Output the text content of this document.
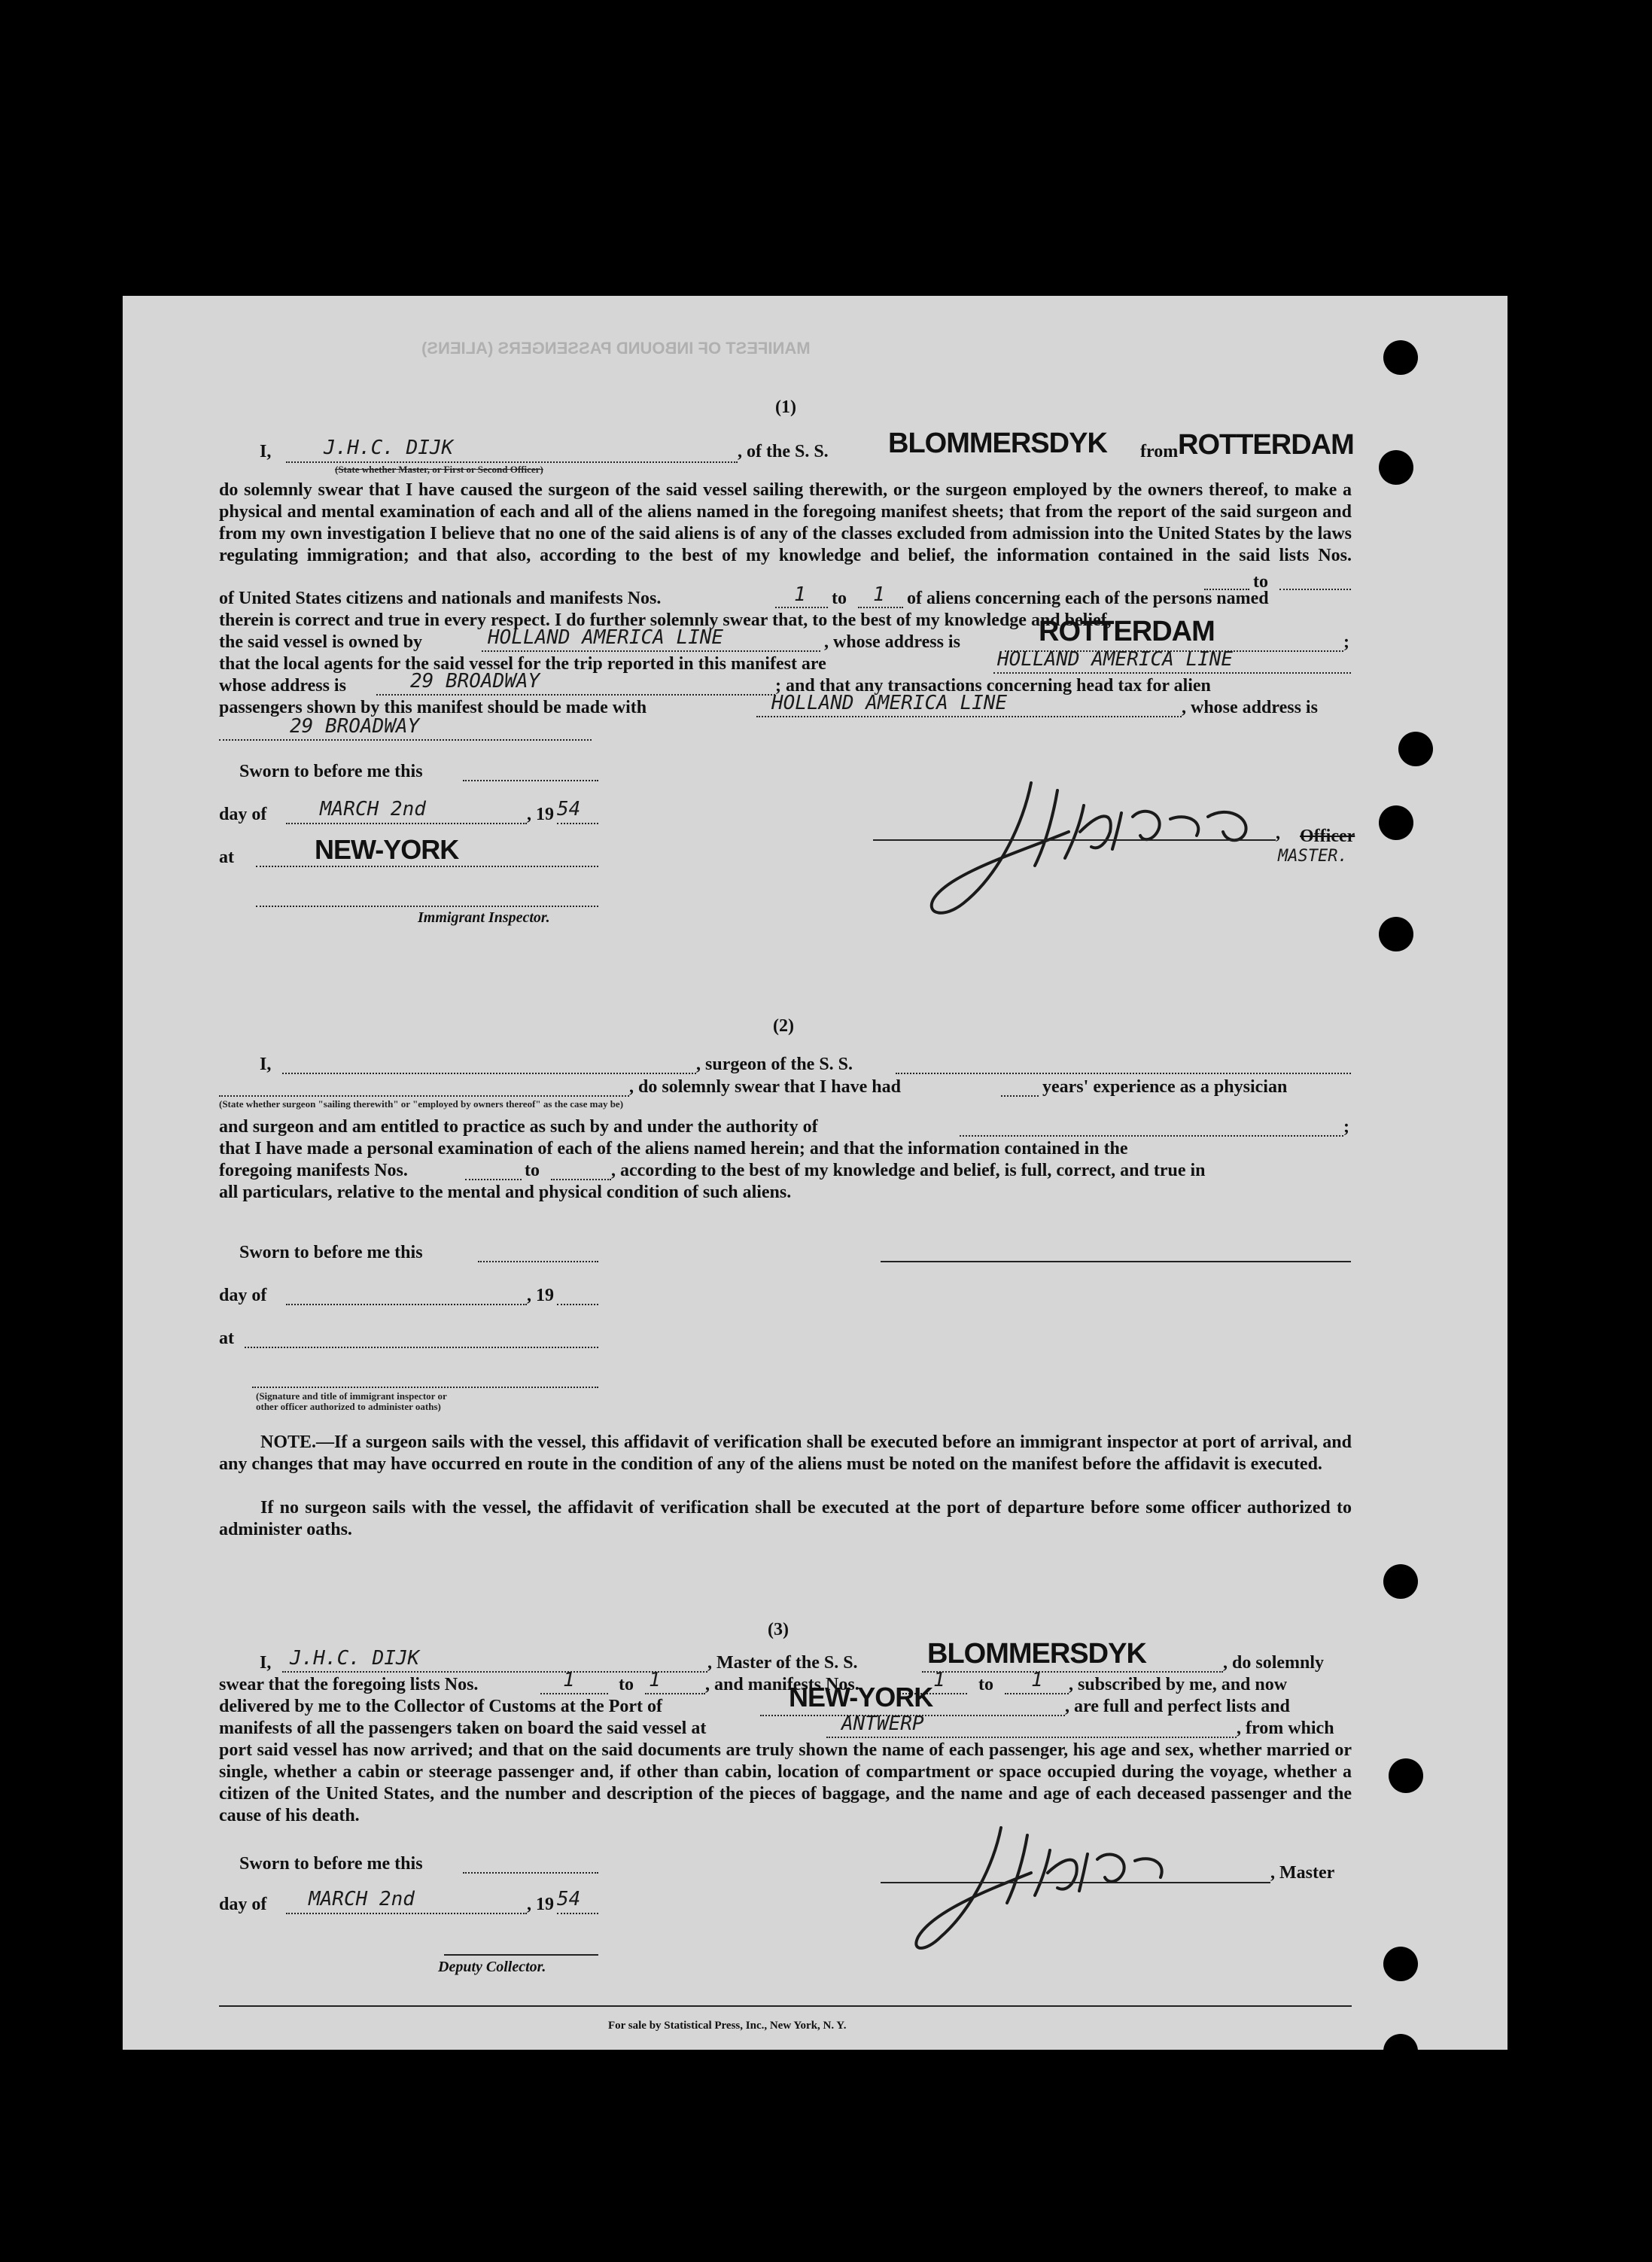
MANIFEST OF INBOUND PASSENGERS (ALIENS)
(1)
I,	J.H.C. DIJK
(State whether Master, or First or Second Officer)
, of the S. S. BLOMMERSDYK from ROTTERDAM
do solemnly swear that I have caused the surgeon of the said vessel sailing therewith, or the surgeon employed by the owners thereof, to make a physical and mental examination of each and all of the aliens named in the foregoing manifest sheets; that from the report of the said surgeon and from my own investigation I believe that no one of the said aliens is of any of the classes excluded from admission into the United States by the laws regulating immigration; and that also, according to the best of my knowledge and belief, the information contained in the said lists Nos.
to
of United States citizens and nationals and manifests Nos.	1 to 1 of aliens concerning each of the persons named
therein is correct and true in every respect. I do further solemnly swear that, to the best of my knowledge and belief,
the said vessel is owned by	HOLLAND AMERICA LINE	, whose address is	ROTTERDAM	;
that the local agents for the said vessel for the trip reported in this manifest are	HOLLAND AMERICA LINE
whose address is	29 BROADWAY	; and that any transactions concerning head tax for alien
passengers shown by this manifest should be made with	HOLLAND AMERICA LINE	, whose address is
29 BROADWAY
Sworn to before me this
day of	MARCH 2nd	, 19 54
at	NEW-YORK
Immigrant Inspector.
, Officer
MASTER.
(2)
I,	, surgeon of the S. S.
, do solemnly swear that I have had	years' experience as a physician
(State whether surgeon "sailing therewith" or "employed by owners thereof" as the case may be)
and surgeon and am entitled to practice as such by and under the authority of	;
that I have made a personal examination of each of the aliens named herein; and that the information contained in the
foregoing manifests Nos.	to	, according to the best of my knowledge and belief, is full, correct, and true in
all particulars, relative to the mental and physical condition of such aliens.
Sworn to before me this
day of	, 19
at
(Signature and title of immigrant inspector or
other officer authorized to administer oaths)
NOTE.—If a surgeon sails with the vessel, this affidavit of verification shall be executed before an immigrant inspector at port of arrival, and any changes that may have occurred en route in the condition of any of the aliens must be noted on the manifest before the affidavit is executed.
If no surgeon sails with the vessel, the affidavit of verification shall be executed at the port of departure before some officer authorized to administer oaths.
(3)
I, J.H.C. DIJK	, Master of the S. S. BLOMMERSDYK	, do solemnly
swear that the foregoing lists Nos.	1 to 1 , and manifests Nos.	1 to 1 , subscribed by me, and now
delivered by me to the Collector of Customs at the Port of	NEW-YORK	, are full and perfect lists and
manifests of all the passengers taken on board the said vessel at	ANTWERP	, from which
port said vessel has now arrived; and that on the said documents are truly shown the name of each passenger, his age and sex, whether married or single, whether a cabin or steerage passenger and, if other than cabin, location of compartment or space occupied during the voyage, whether a citizen of the United States, and the number and description of the pieces of baggage, and the name and age of each deceased passenger and the cause of his death.
Sworn to before me this
day of MARCH 2nd	, 19 54
Deputy Collector.
, Master
For sale by Statistical Press, Inc., New York, N. Y.
